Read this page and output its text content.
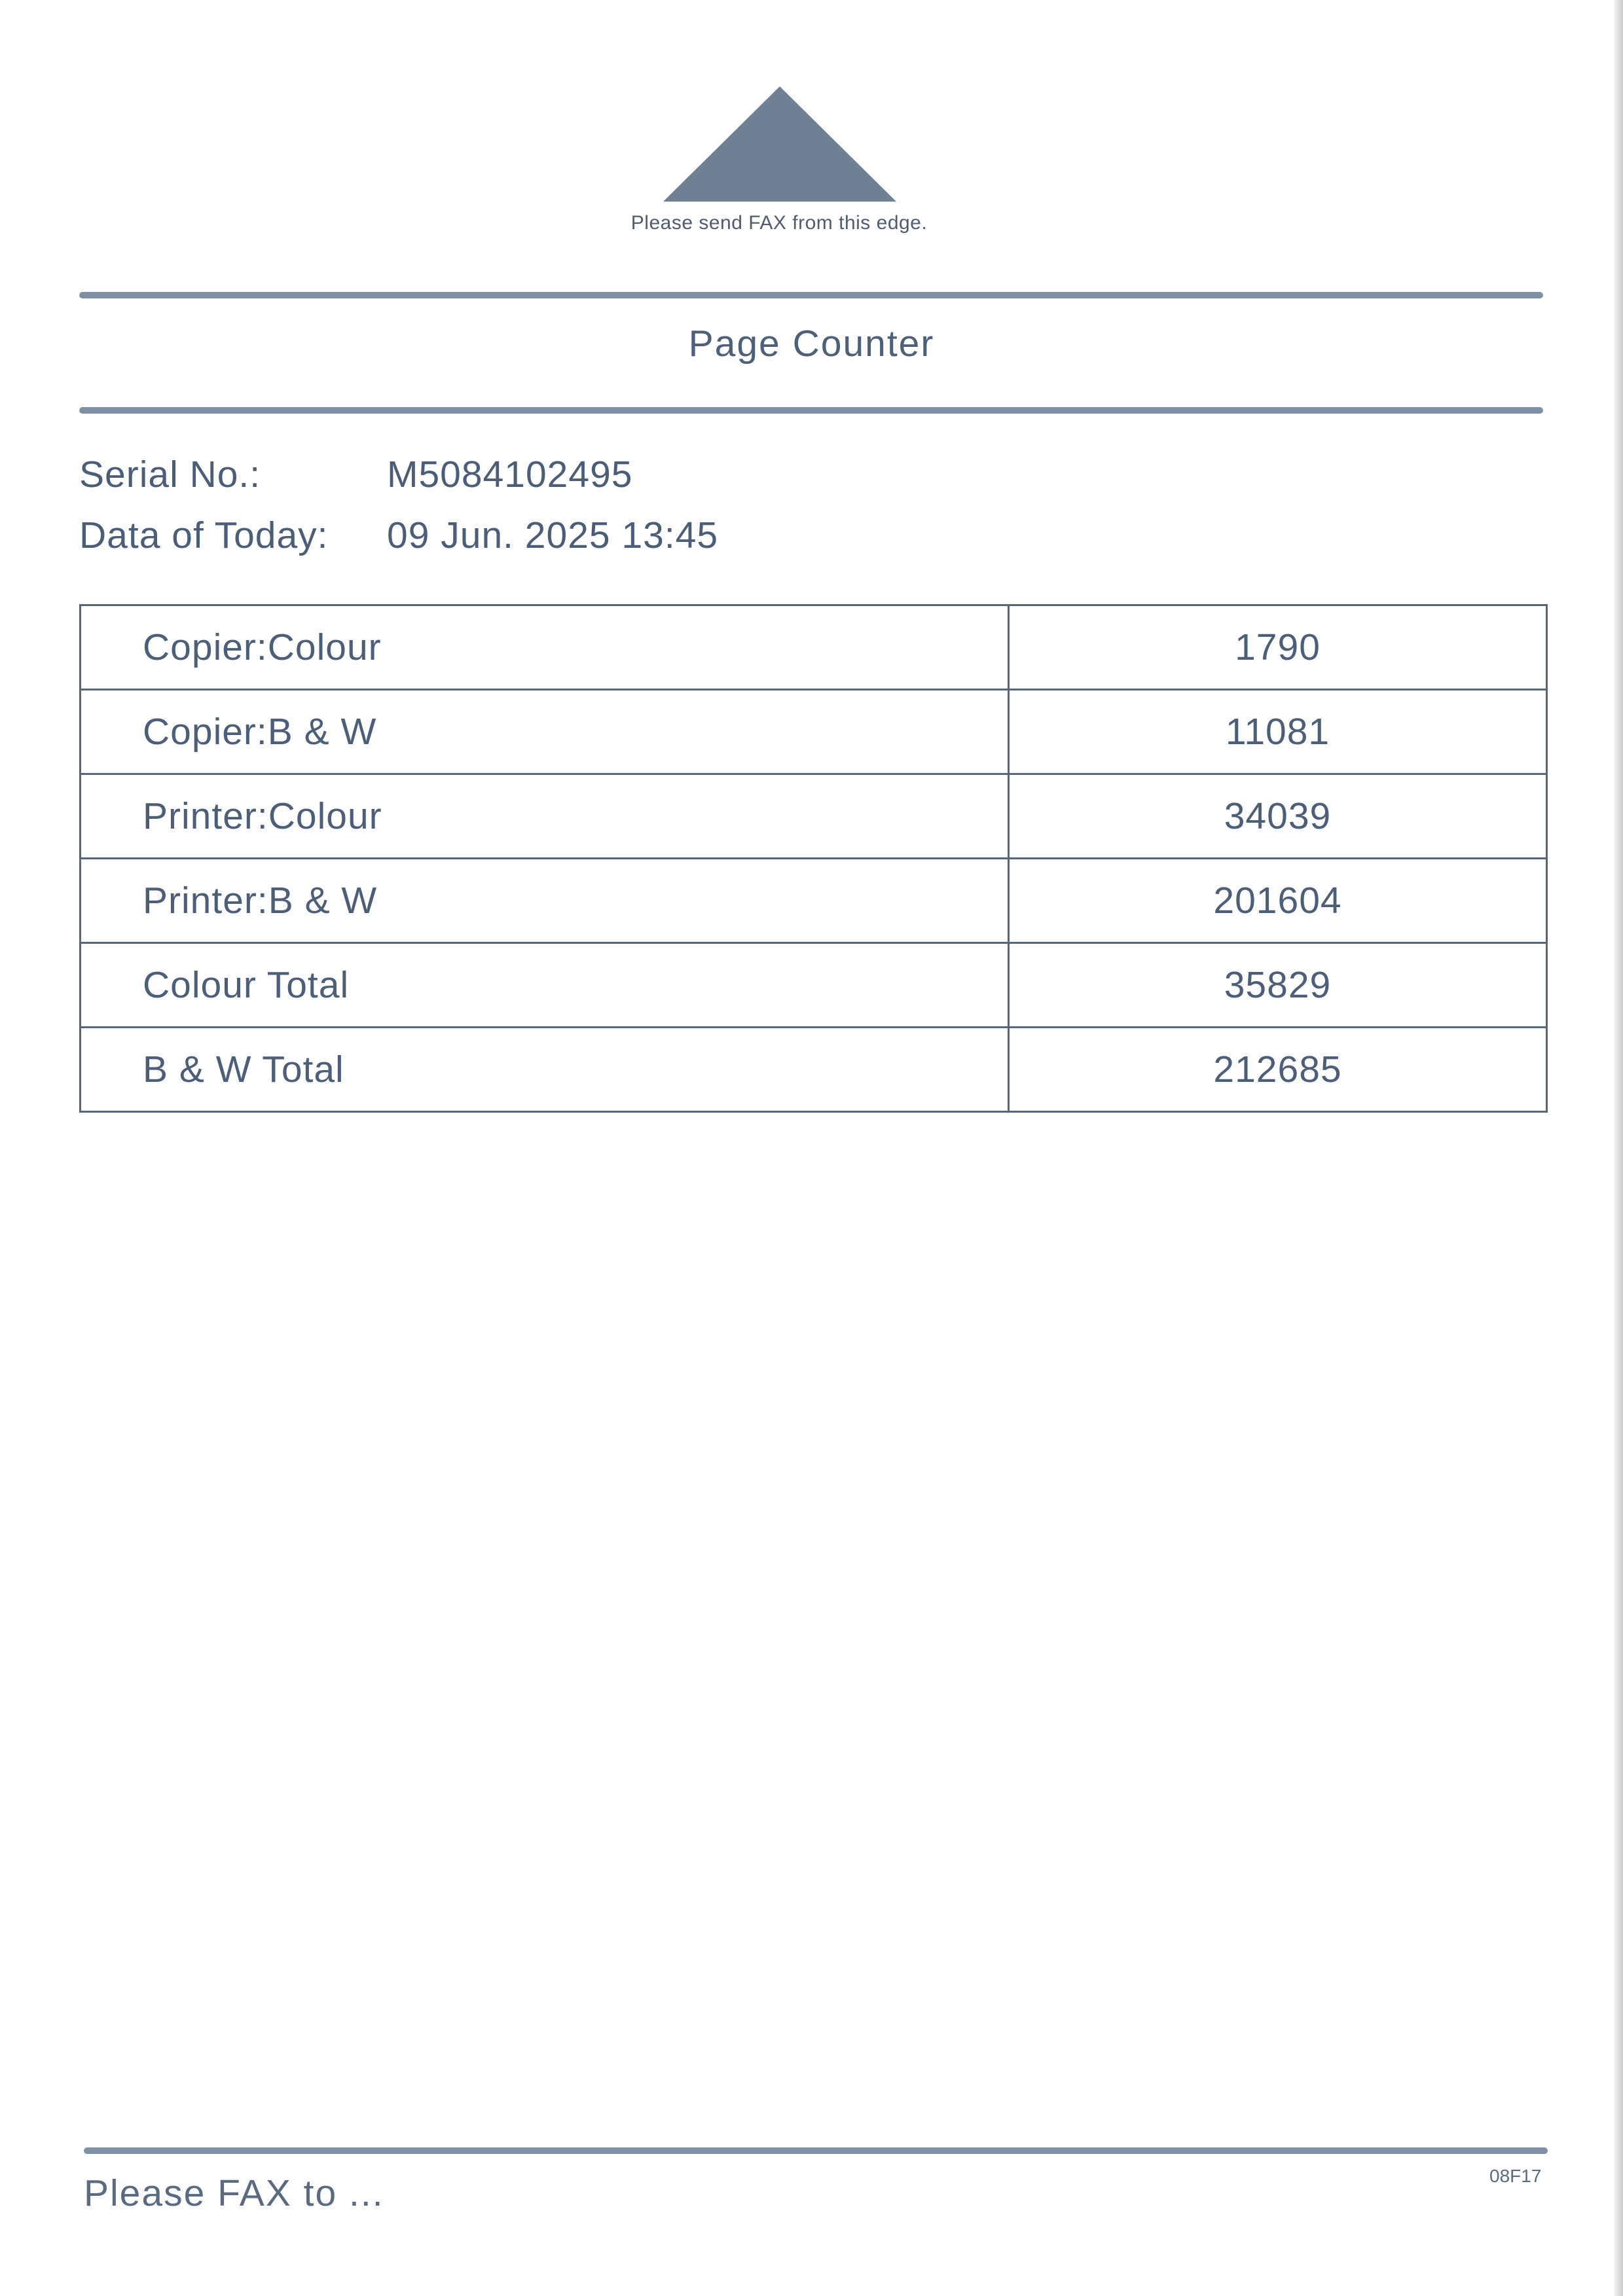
Please send FAX from this edge.
Page Counter
Serial No.:	M5084102495
Data of Today: 09 Jun. 2025 13:45
Copier:Colour	1790
Copier:B & W	11081
Printer:Colour	34039
Printer:B & W	201604
Colour Total	35829
B & W Total	212685
Please FAX to ...	08F17
